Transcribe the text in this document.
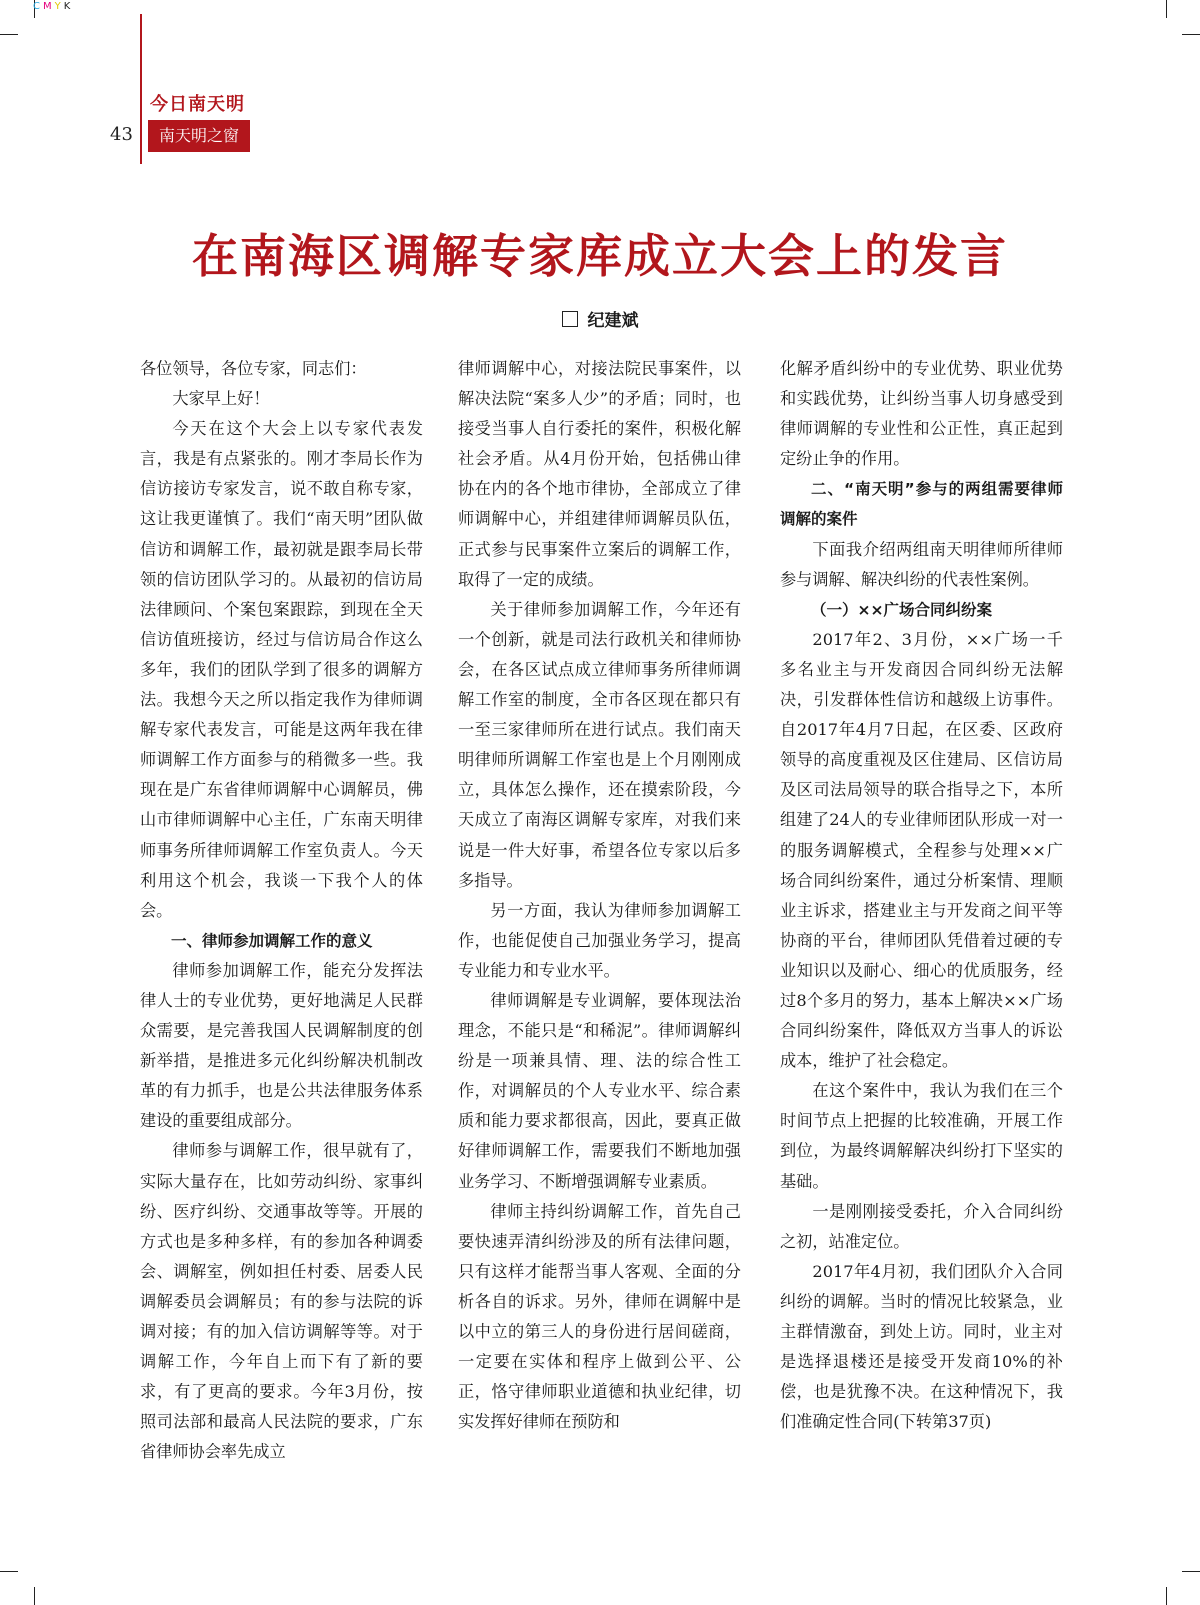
CMYK
今日南天明
43	南天明之窗
在南海区调解专家库成立大会上的发言
纪建斌

各位领导，各位专家，同志们：

大家早上好！

今天在这个大会上以专家代表发言，我是有点紧张的。刚才李局长作为信访接访专家发言，说不敢自称专家，这让我更谨慎了。我们“南天明”团队做信访和调解工作，最初就是跟李局长带领的信访团队学习的。从最初的信访局法律顾问、个案包案跟踪，到现在全天信访值班接访，经过与信访局合作这么多年，我们的团队学到了很多的调解方法。我想今天之所以指定我作为律师调解专家代表发言，可能是这两年我在律师调解工作方面参与的稍微多一些。我现在是广东省律师调解中心调解员，佛山市律师调解中心主任，广东南天明律师事务所律师调解工作室负责人。今天利用这个机会，我谈一下我个人的体会。

一、律师参加调解工作的意义

律师参加调解工作，能充分发挥法律人士的专业优势，更好地满足人民群众需要，是完善我国人民调解制度的创新举措，是推进多元化纠纷解决机制改革的有力抓手，也是公共法律服务体系建设的重要组成部分。

律师参与调解工作，很早就有了，实际大量存在，比如劳动纠纷、家事纠纷、医疗纠纷、交通事故等等。开展的方式也是多种多样，有的参加各种调委会、调解室，例如担任村委、居委人民调解委员会调解员；有的参与法院的诉调对接；有的加入信访调解等等。对于调解工作，今年自上而下有了新的要求，有了更高的要求。今年3月份，按照司法部和最高人民法院的要求，广东省律师协会率先成立

律师调解中心，对接法院民事案件，以解决法院“案多人少”的矛盾；同时，也接受当事人自行委托的案件，积极化解社会矛盾。从4月份开始，包括佛山律协在内的各个地市律协，全部成立了律师调解中心，并组建律师调解员队伍，正式参与民事案件立案后的调解工作，取得了一定的成绩。

关于律师参加调解工作，今年还有一个创新，就是司法行政机关和律师协会，在各区试点成立律师事务所律师调解工作室的制度，全市各区现在都只有一至三家律师所在进行试点。我们南天明律师所调解工作室也是上个月刚刚成立，具体怎么操作，还在摸索阶段，今天成立了南海区调解专家库，对我们来说是一件大好事，希望各位专家以后多多指导。

另一方面，我认为律师参加调解工作，也能促使自己加强业务学习，提高专业能力和专业水平。

律师调解是专业调解，要体现法治理念，不能只是“和稀泥”。律师调解纠纷是一项兼具情、理、法的综合性工作，对调解员的个人专业水平、综合素质和能力要求都很高，因此，要真正做好律师调解工作，需要我们不断地加强业务学习、不断增强调解专业素质。

律师主持纠纷调解工作，首先自己要快速弄清纠纷涉及的所有法律问题，只有这样才能帮当事人客观、全面的分析各自的诉求。另外，律师在调解中是以中立的第三人的身份进行居间磋商，一定要在实体和程序上做到公平、公正，恪守律师职业道德和执业纪律，切实发挥好律师在预防和

化解矛盾纠纷中的专业优势、职业优势和实践优势，让纠纷当事人切身感受到律师调解的专业性和公正性，真正起到定纷止争的作用。

二、“南天明”参与的两组需要律师调解的案件

下面我介绍两组南天明律师所律师参与调解、解决纠纷的代表性案例。

（一）××广场合同纠纷案

2017年2、3月份，××广场一千多名业主与开发商因合同纠纷无法解决，引发群体性信访和越级上访事件。自2017年4月7日起，在区委、区政府领导的高度重视及区住建局、区信访局及区司法局领导的联合指导之下，本所组建了24人的专业律师团队形成一对一的服务调解模式，全程参与处理××广场合同纠纷案件，通过分析案情、理顺业主诉求，搭建业主与开发商之间平等协商的平台，律师团队凭借着过硬的专业知识以及耐心、细心的优质服务，经过8个多月的努力，基本上解决××广场合同纠纷案件，降低双方当事人的诉讼成本，维护了社会稳定。

在这个案件中，我认为我们在三个时间节点上把握的比较准确，开展工作到位，为最终调解解决纠纷打下坚实的基础。

一是刚刚接受委托，介入合同纠纷之初，站准定位。

2017年4月初，我们团队介入合同纠纷的调解。当时的情况比较紧急，业主群情激奋，到处上访。同时，业主对是选择退楼还是接受开发商10%的补偿，也是犹豫不决。在这种情况下，我们准确定性合同(下转第37页)
